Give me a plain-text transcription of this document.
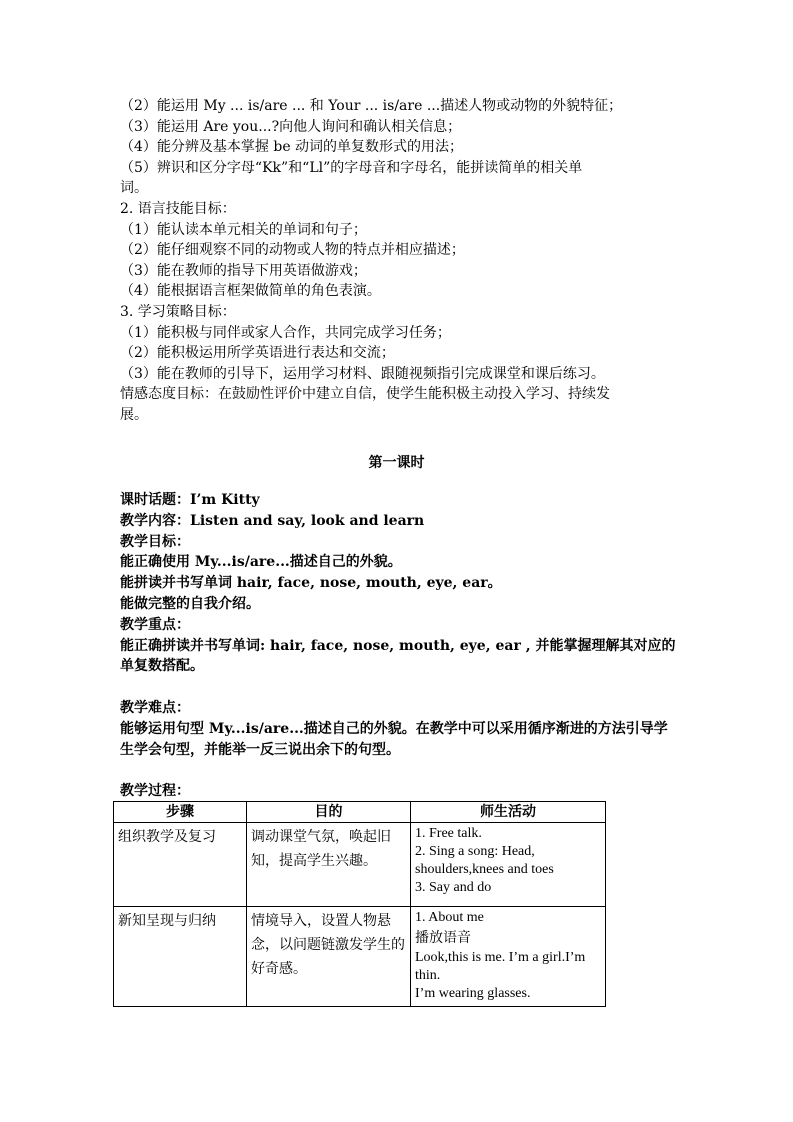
（2）能运用 My ... is/are ... 和 Your ... is/are ...描述人物或动物的外貌特征；

（3）能运用 Are you...?向他人询问和确认相关信息；

（4）能分辨及基本掌握 be 动词的单复数形式的用法；

（5）辨识和区分字母“Kk”和“Ll”的字母音和字母名，能拼读简单的相关单

词。

2. 语言技能目标：

（1）能认读本单元相关的单词和句子；

（2）能仔细观察不同的动物或人物的特点并相应描述；

（3）能在教师的指导下用英语做游戏；

（4）能根据语言框架做简单的角色表演。

3. 学习策略目标：

（1）能积极与同伴或家人合作，共同完成学习任务；

（2）能积极运用所学英语进行表达和交流；

（3）能在教师的引导下，运用学习材料、跟随视频指引完成课堂和课后练习。

情感态度目标：在鼓励性评价中建立自信，使学生能积极主动投入学习、持续发

展。

第一课时

课时话题：I’m Kitty

教学内容：Listen and say, look and learn

教学目标：

能正确使用 My...is/are...描述自己的外貌。

能拼读并书写单词 hair, face, nose, mouth, eye, ear。

能做完整的自我介绍。

教学重点：

能正确拼读并书写单词: hair, face, nose, mouth, eye, ear , 并能掌握理解其对应的单复数搭配。

教学难点：

能够运用句型 My...is/are...描述自己的外貌。在教学中可以采用循序渐进的方法引导学生学会句型，并能举一反三说出余下的句型。

教学过程：

步骤	目的	师生活动
组织教学及复习	调动课堂气氛，唤起旧知，提高学生兴趣。	1. Free talk.
2. Sing a song: Head, shoulders,knees and toes
3. Say and do

新知呈现与归纳	情境导入，设置人物悬念，以问题链激发学生的好奇感。	1. About me
播放语音
Look,this is me. I’m a girl.I’m thin.
I’m wearing glasses.
